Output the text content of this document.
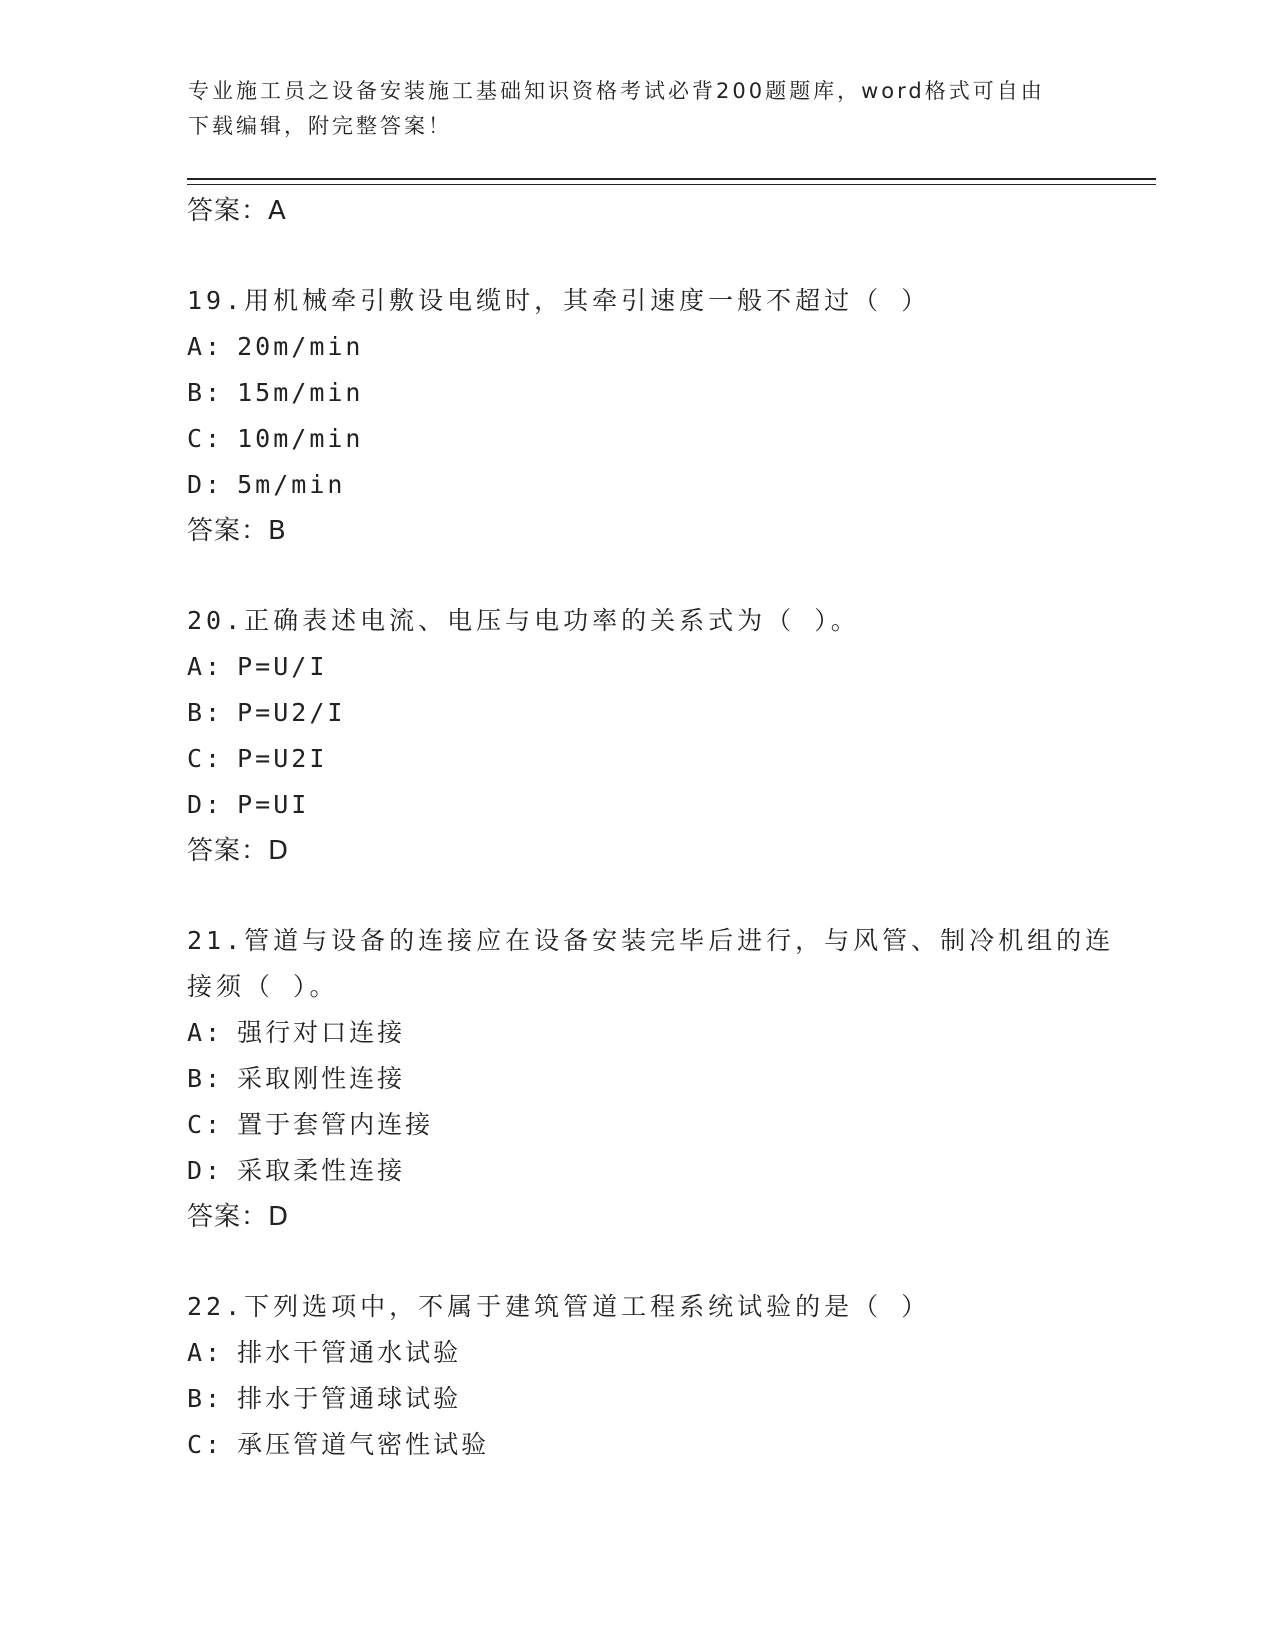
专业施工员之设备安装施工基础知识资格考试必背200题题库，word格式可自由下载编辑，附完整答案！
答案：A
19.用机械牵引敷设电缆时，其牵引速度一般不超过（ ）
A: 20m/min
B: 15m/min
C: 10m/min
D: 5m/min
答案：B
20.正确表述电流、电压与电功率的关系式为（ ）。
A: P=U/I
B: P=U2/I
C: P=U2I
D: P=UI
答案：D
21.管道与设备的连接应在设备安装完毕后进行，与风管、制冷机组的连接须（ ）。
A: 强行对口连接
B: 采取刚性连接
C: 置于套管内连接
D: 采取柔性连接
答案：D
22.下列选项中，不属于建筑管道工程系统试验的是（ ）
A: 排水干管通水试验
B: 排水于管通球试验
C: 承压管道气密性试验
